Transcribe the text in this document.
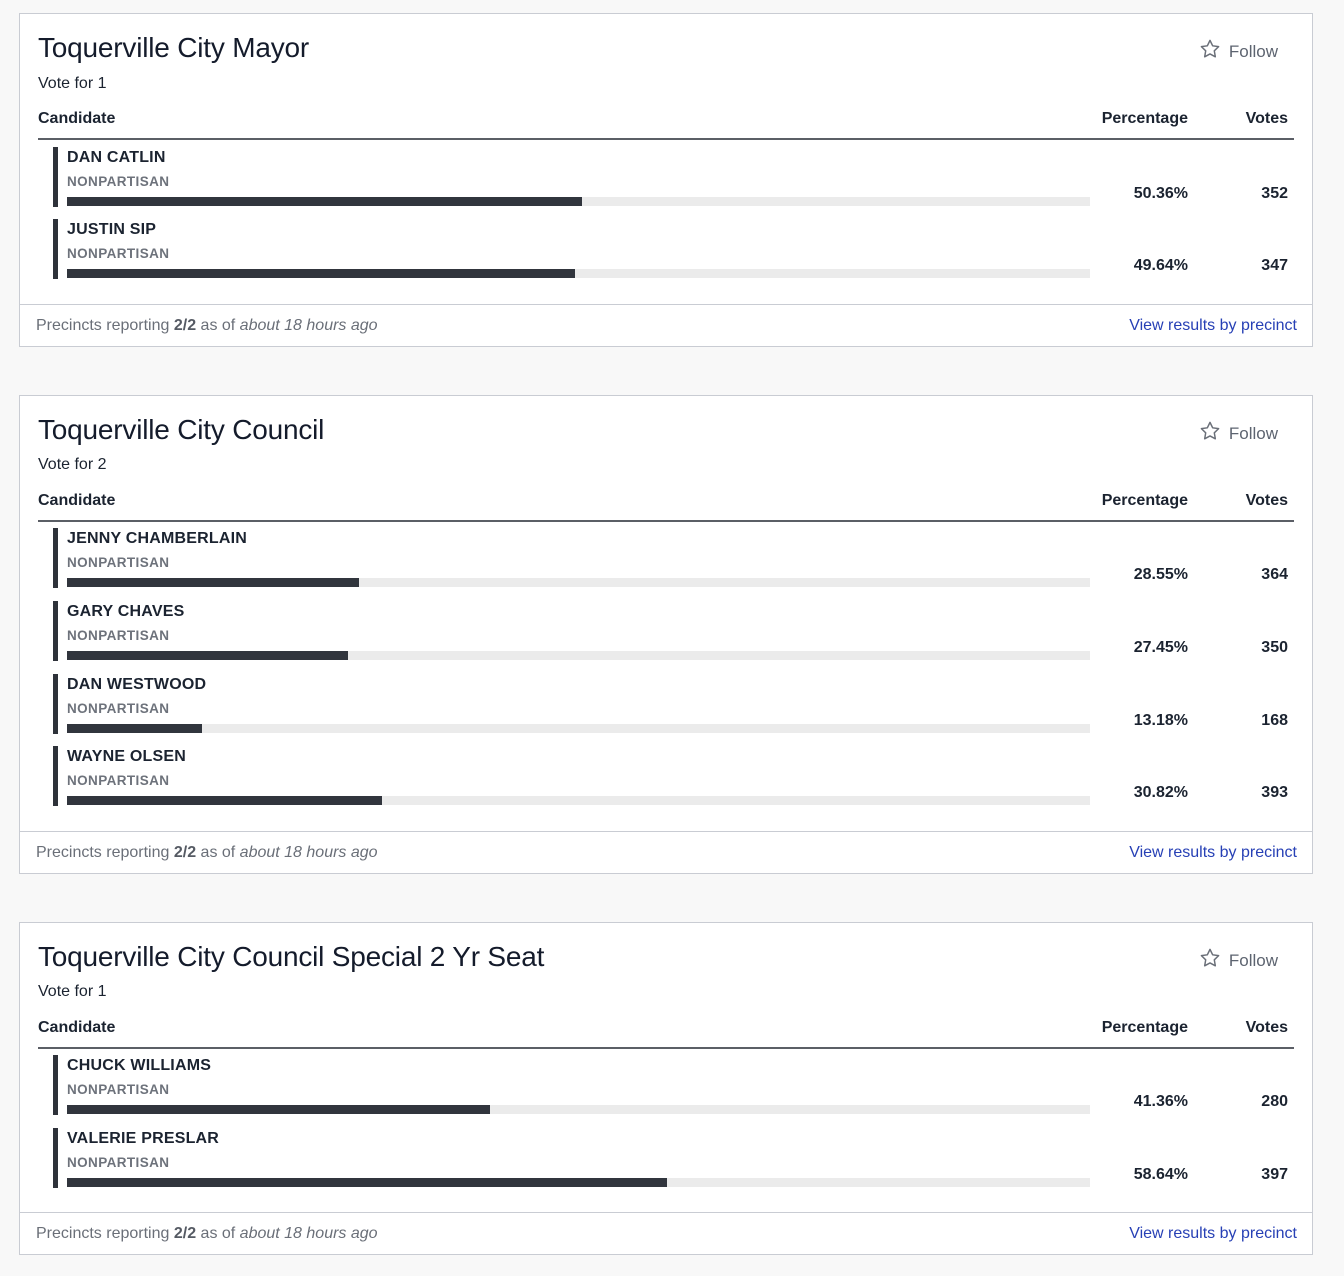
Toquerville City Mayor
Vote for 1
Follow
Candidate	Percentage	Votes
DAN CATLIN
NONPARTISAN
50.36%	352
JUSTIN SIP
NONPARTISAN
49.64%	347
Precincts reporting 2/2 as of about 18 hours ago	View results by precinct
Toquerville City Council
Vote for 2
Follow
Candidate	Percentage	Votes
JENNY CHAMBERLAIN
NONPARTISAN
28.55%	364
GARY CHAVES
NONPARTISAN
27.45%	350
DAN WESTWOOD
NONPARTISAN
13.18%	168
WAYNE OLSEN
NONPARTISAN
30.82%	393
Precincts reporting 2/2 as of about 18 hours ago	View results by precinct
Toquerville City Council Special 2 Yr Seat
Vote for 1
Follow
Candidate	Percentage	Votes
CHUCK WILLIAMS
NONPARTISAN
41.36%	280
VALERIE PRESLAR
NONPARTISAN
58.64%	397
Precincts reporting 2/2 as of about 18 hours ago	View results by precinct
